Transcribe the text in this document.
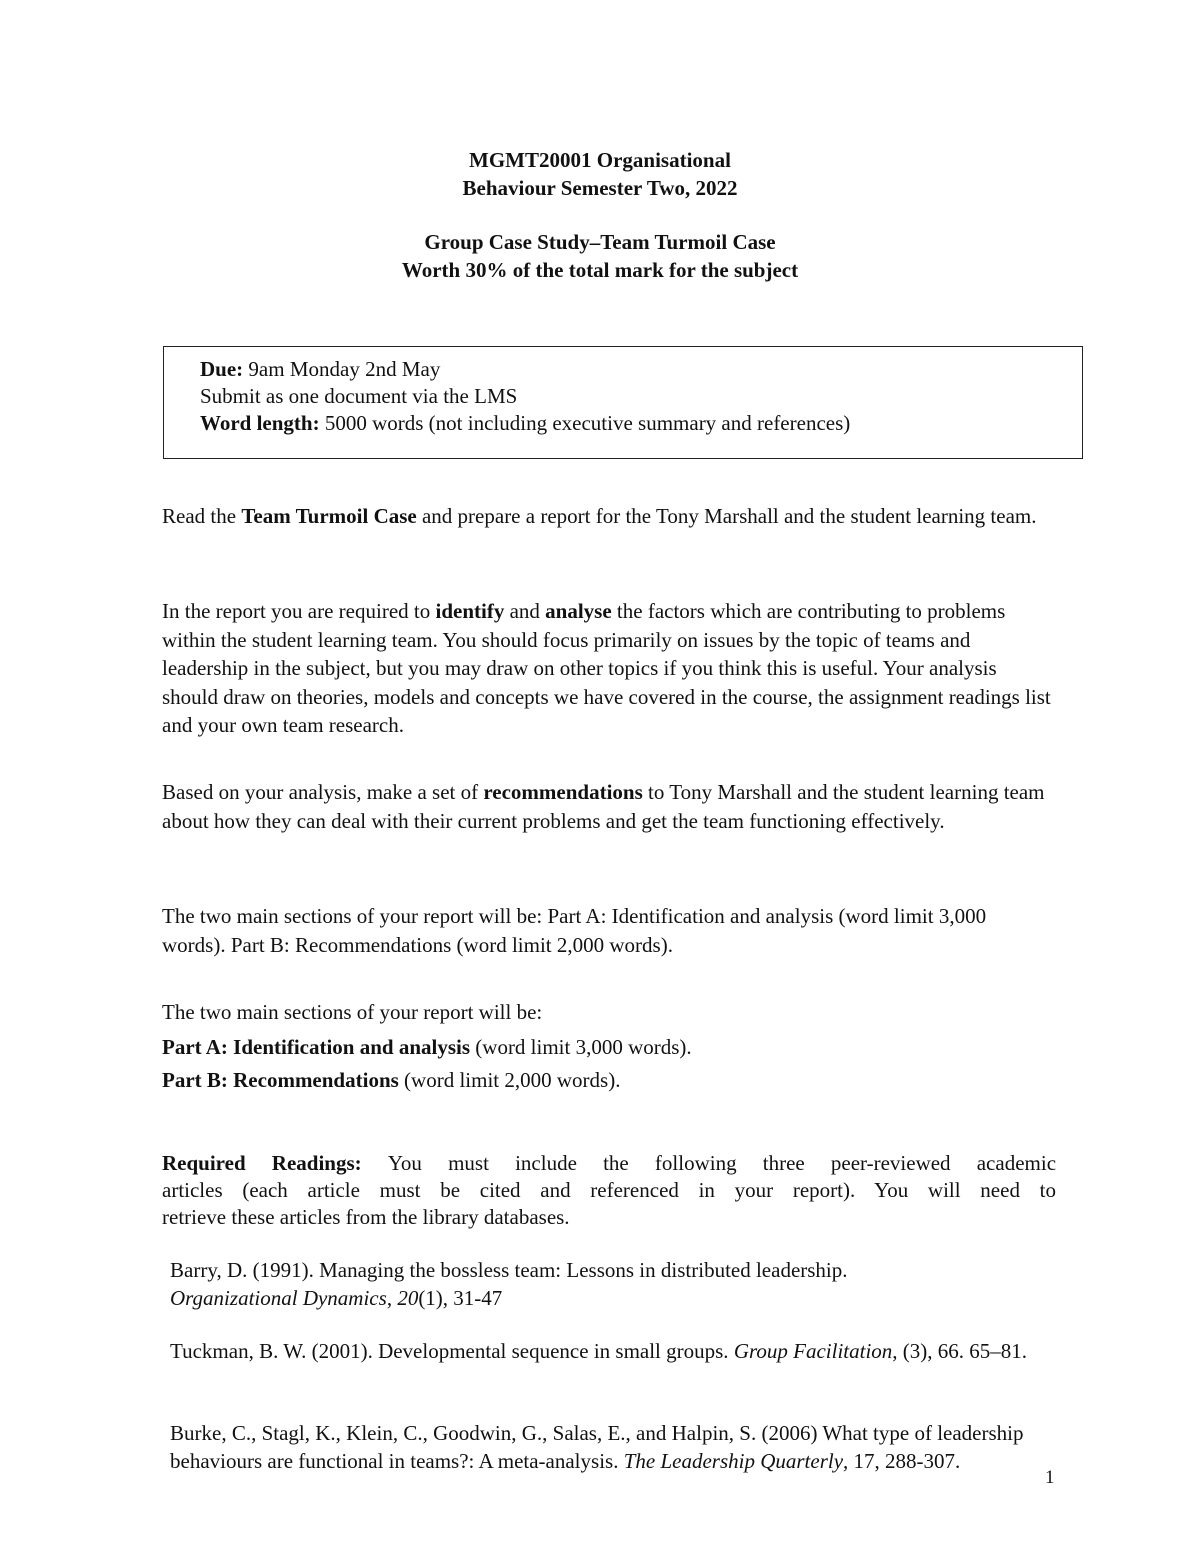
MGMT20001 Organisational
Behaviour Semester Two, 2022
Group Case Study–Team Turmoil Case
Worth 30% of the total mark for the subject
Due: 9am Monday 2nd May
Submit as one document via the LMS
Word length: 5000 words (not including executive summary and references)
Read the Team Turmoil Case and prepare a report for the Tony Marshall and the student learning team.
In the report you are required to identify and analyse the factors which are contributing to problems within the student learning team. You should focus primarily on issues by the topic of teams and leadership in the subject, but you may draw on other topics if you think this is useful. Your analysis should draw on theories, models and concepts we have covered in the course, the assignment readings list and your own team research.
Based on your analysis, make a set of recommendations to Tony Marshall and the student learning team about how they can deal with their current problems and get the team functioning effectively.
The two main sections of your report will be: Part A: Identification and analysis (word limit 3,000 words). Part B: Recommendations (word limit 2,000 words).
The two main sections of your report will be:
Part A: Identification and analysis (word limit 3,000 words).
Part B: Recommendations (word limit 2,000 words).
Required Readings: You must include the following three peer-reviewed academic
articles (each article must be cited and referenced in your report). You will need to
retrieve these articles from the library databases.
Barry, D. (1991). Managing the bossless team: Lessons in distributed leadership. Organizational Dynamics, 20(1), 31-47
Tuckman, B. W. (2001). Developmental sequence in small groups. Group Facilitation, (3), 66. 65–81.
Burke, C., Stagl, K., Klein, C., Goodwin, G., Salas, E., and Halpin, S. (2006) What type of leadership behaviours are functional in teams?: A meta-analysis. The Leadership Quarterly, 17, 288-307.
1
